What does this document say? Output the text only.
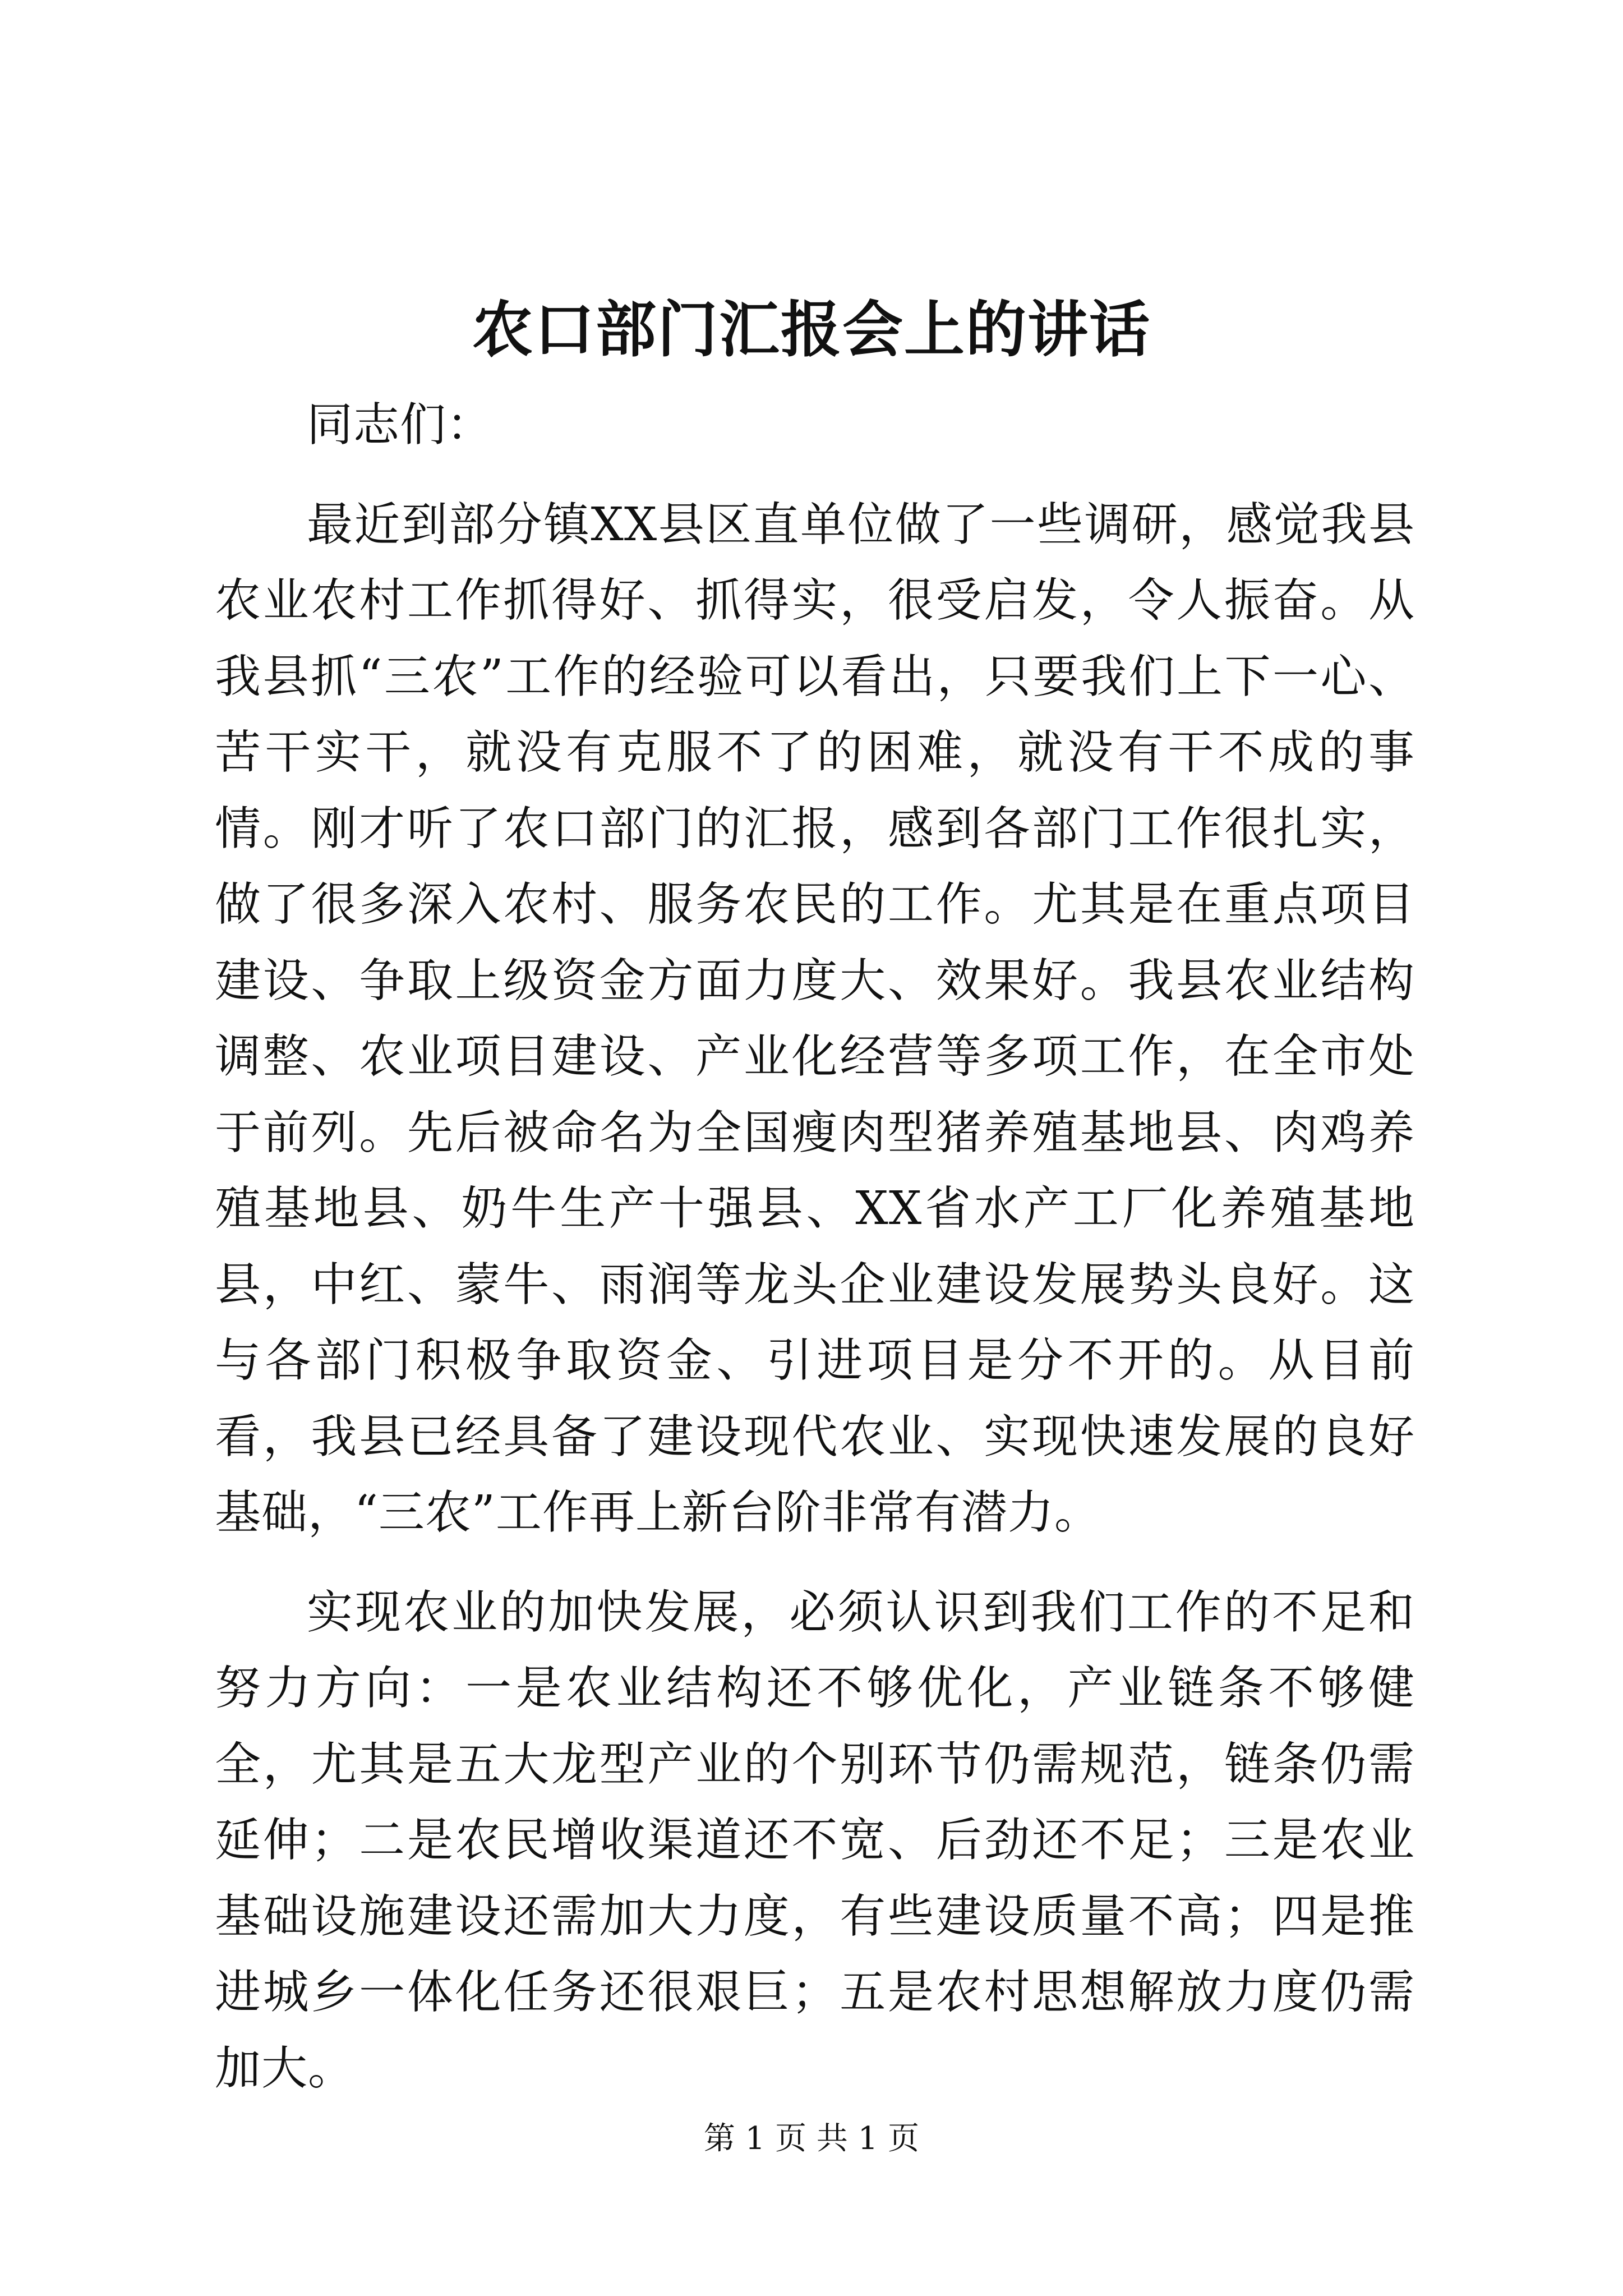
农口部门汇报会上的讲话

同志们：

最近到部分镇XX县区直单位做了一些调研，感觉我县农业农村工作抓得好、抓得实，很受启发，令人振奋。从我县抓“三农”工作的经验可以看出，只要我们上下一心、苦干实干，就没有克服不了的困难，就没有干不成的事情。刚才听了农口部门的汇报，感到各部门工作很扎实，做了很多深入农村、服务农民的工作。尤其是在重点项目建设、争取上级资金方面力度大、效果好。我县农业结构调整、农业项目建设、产业化经营等多项工作，在全市处于前列。先后被命名为全国瘦肉型猪养殖基地县、肉鸡养殖基地县、奶牛生产十强县、XX省水产工厂化养殖基地县，中红、蒙牛、雨润等龙头企业建设发展势头良好。这与各部门积极争取资金、引进项目是分不开的。从目前看，我县已经具备了建设现代农业、实现快速发展的良好基础，“三农”工作再上新台阶非常有潜力。

实现农业的加快发展，必须认识到我们工作的不足和努力方向：一是农业结构还不够优化，产业链条不够健全，尤其是五大龙型产业的个别环节仍需规范，链条仍需延伸；二是农民增收渠道还不宽、后劲还不足；三是农业基础设施建设还需加大力度，有些建设质量不高；四是推进城乡一体化任务还很艰巨；五是农村思想解放力度仍需加大。

第 1 页 共 1 页
